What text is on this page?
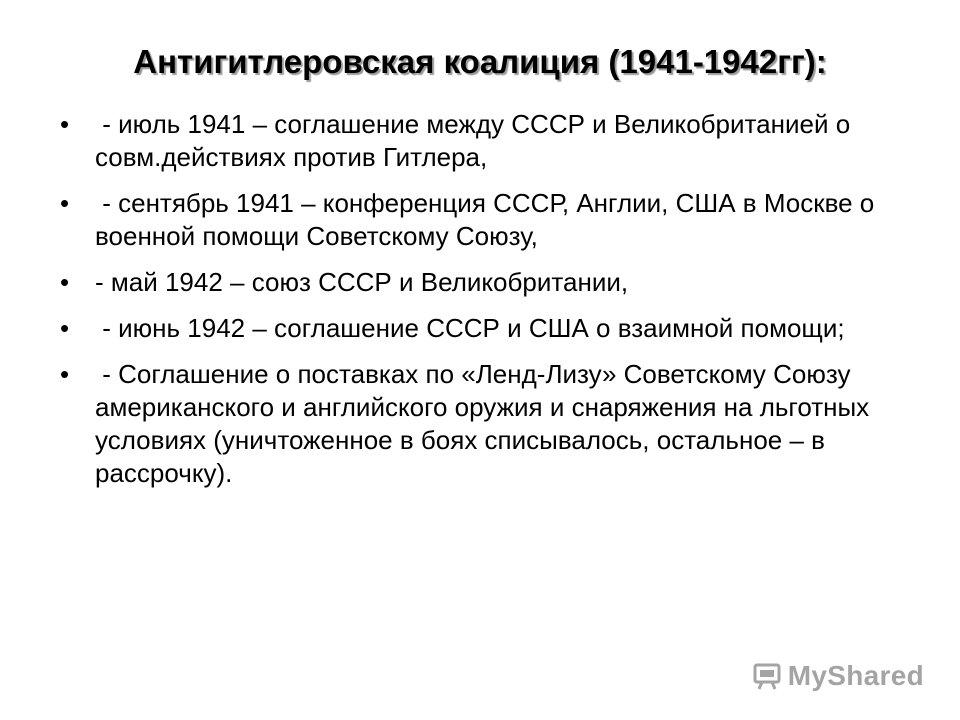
Антигитлеровская коалиция (1941-1942гг):
• - июль 1941 – соглашение между СССР и Великобританией о совм.действиях против Гитлера,
• - сентябрь 1941 – конференция СССР, Англии, США в Москве о военной помощи Советскому Союзу,
• - май 1942 – союз СССР и Великобритании,
• - июнь 1942 – соглашение СССР и США о взаимной помощи;
• - Соглашение о поставках по «Ленд-Лизу» Советскому Союзу американского и английского оружия и снаряжения на льготных условиях (уничтоженное в боях списывалось, остальное – в рассрочку).
MyShared
